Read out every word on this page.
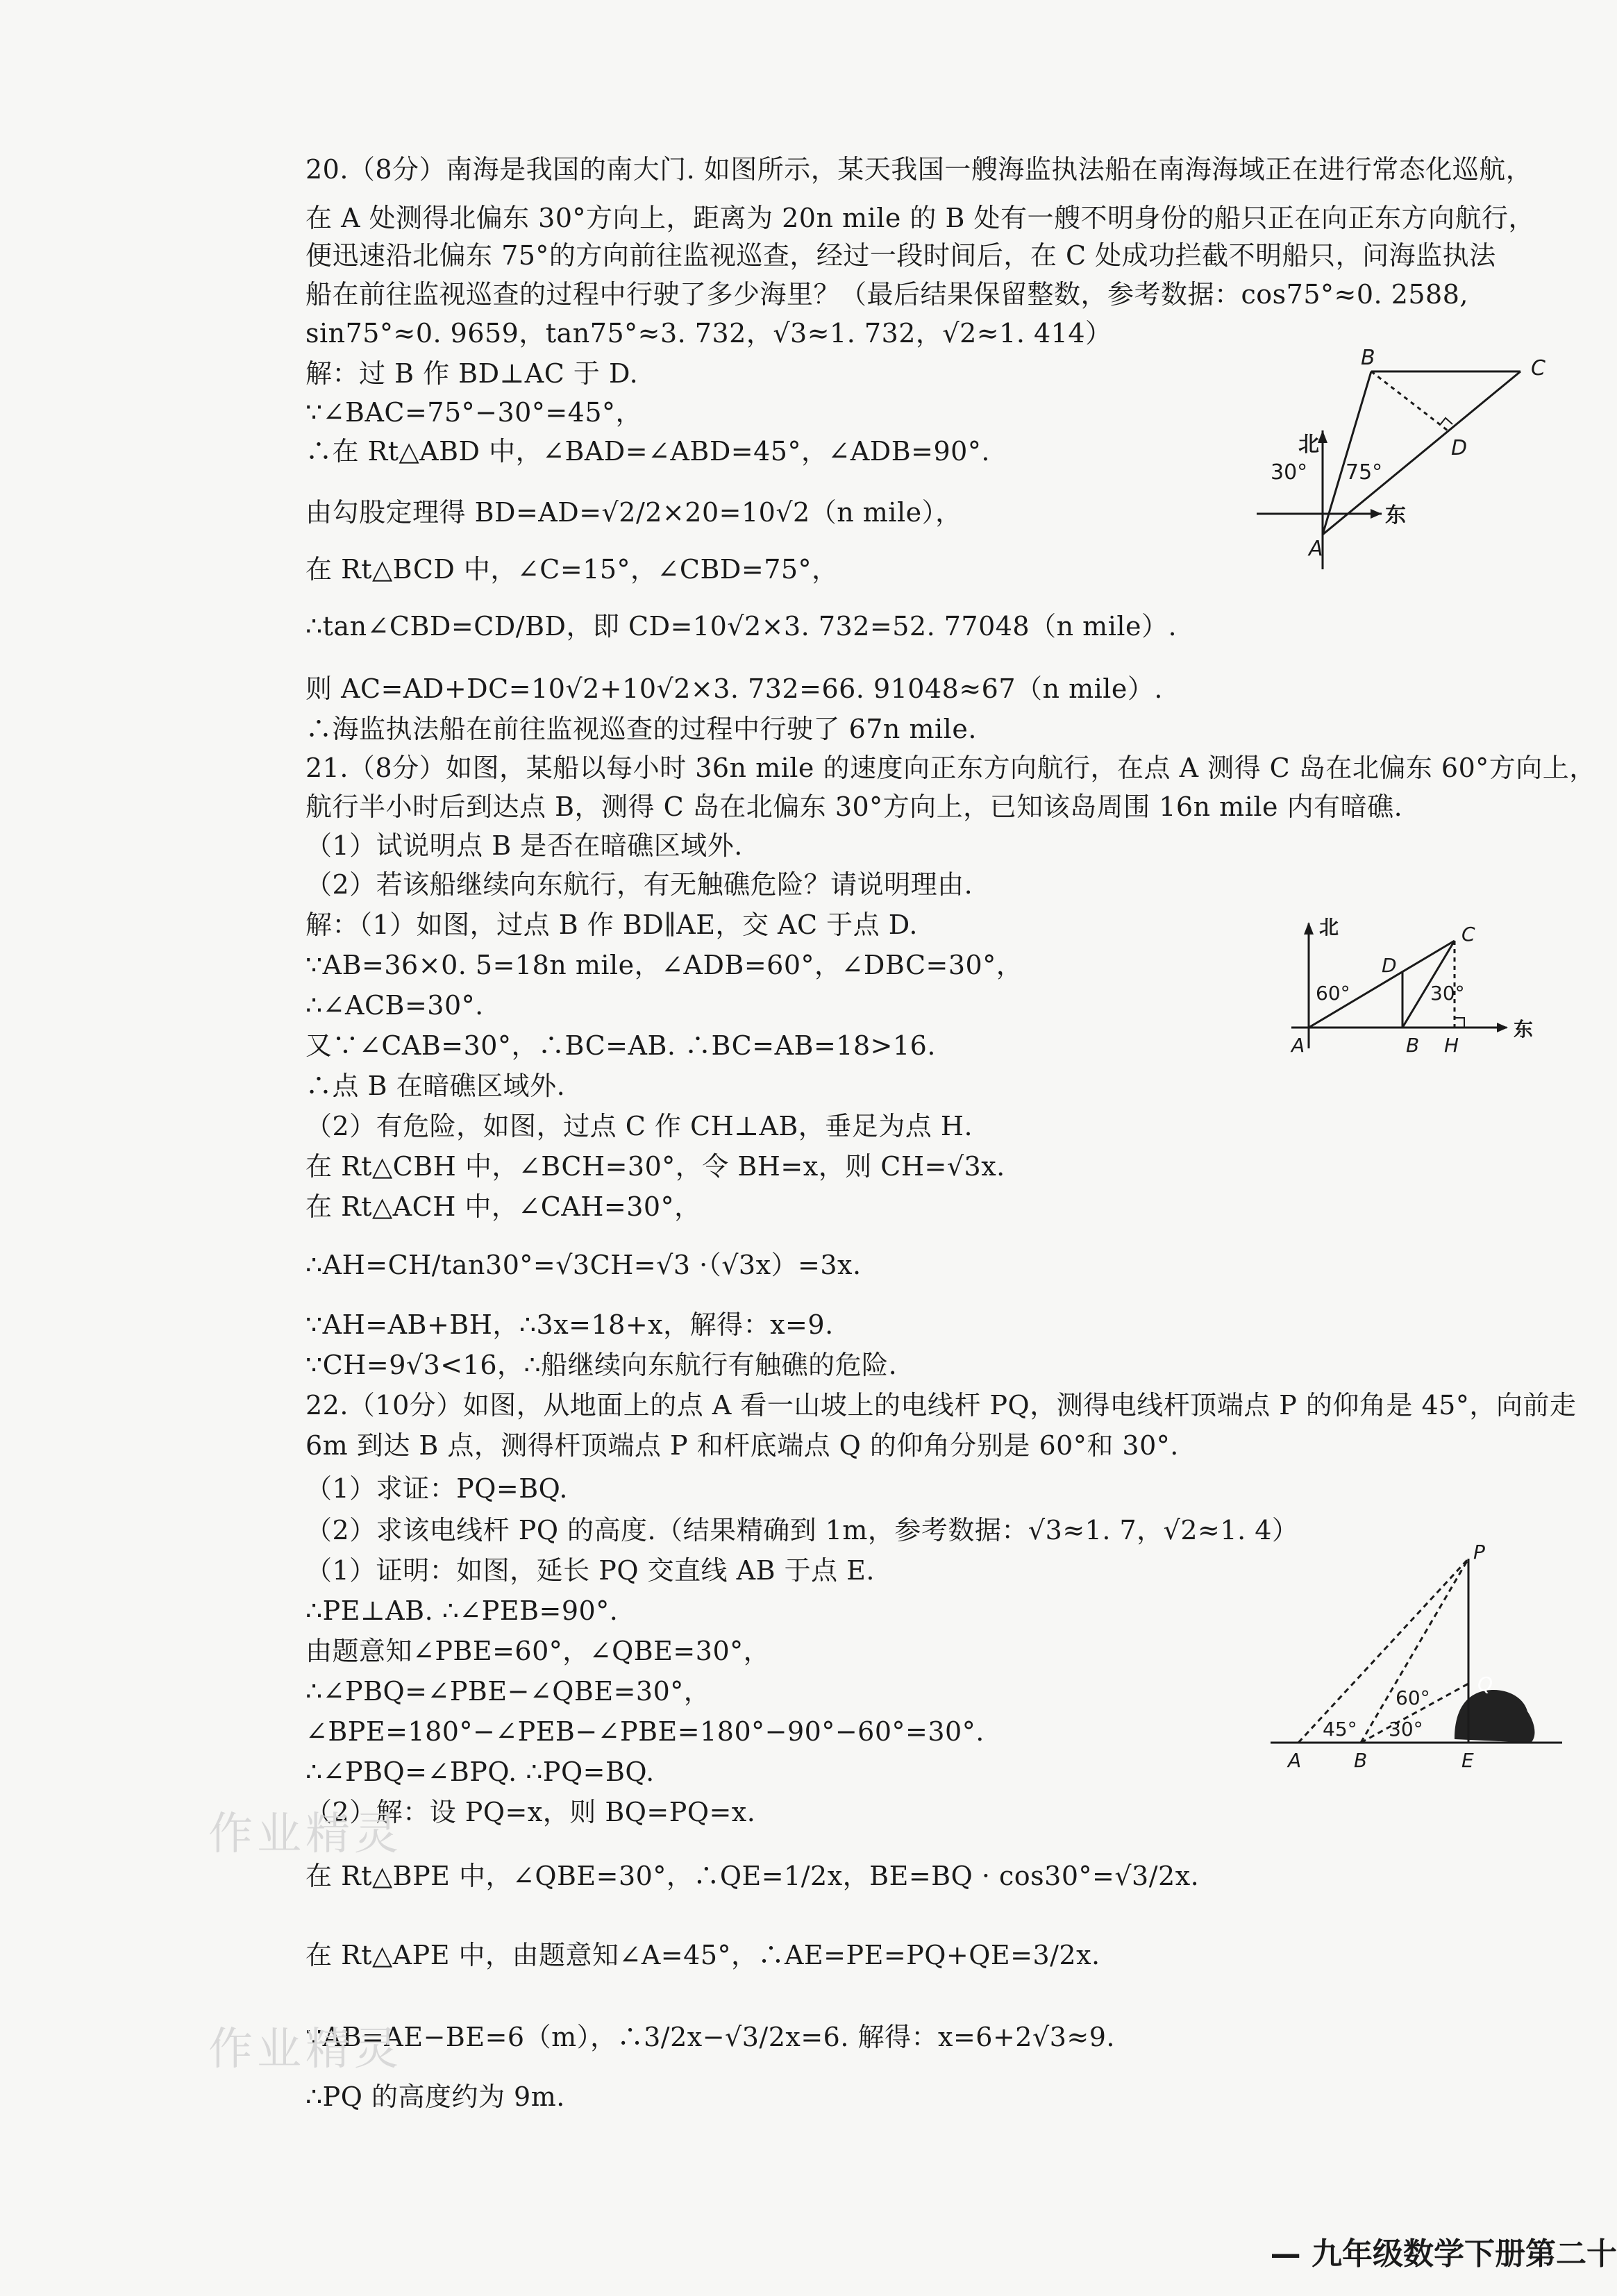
20.（8分）南海是我国的南大门. 如图所示，某天我国一艘海监执法船在南海海域正在进行常态化巡航，
在 A 处测得北偏东 30°方向上，距离为 20n mile 的 B 处有一艘不明身份的船只正在向正东方向航行，
便迅速沿北偏东 75°的方向前往监视巡查，经过一段时间后，在 C 处成功拦截不明船只，问海监执法
船在前往监视巡查的过程中行驶了多少海里？（最后结果保留整数，参考数据：cos75°≈0. 2588,
sin75°≈0. 9659，tan75°≈3. 732，√3≈1. 732，√2≈1. 414）
解：过 B 作 BD⊥AC 于 D.
∵∠BAC=75°−30°=45°，
∴在 Rt△ABD 中，∠BAD=∠ABD=45°，∠ADB=90°.
由勾股定理得 BD=AD=√2/2×20=10√2（n mile），
在 Rt△BCD 中，∠C=15°，∠CBD=75°，
∴tan∠CBD=CD/BD，即 CD=10√2×3. 732=52. 77048（n mile）.
则 AC=AD+DC=10√2+10√2×3. 732=66. 91048≈67（n mile）.
∴海监执法船在前往监视巡查的过程中行驶了 67n mile.
B	C
北
30° 75°
D
A
东
21.（8分）如图，某船以每小时 36n mile 的速度向正东方向航行，在点 A 测得 C 岛在北偏东 60°方向上，
航行半小时后到达点 B，测得 C 岛在北偏东 30°方向上，已知该岛周围 16n mile 内有暗礁.
（1）试说明点 B 是否在暗礁区域外.
（2）若该船继续向东航行，有无触礁危险？请说明理由.
解：（1）如图，过点 B 作 BD∥AE，交 AC 于点 D.
∵AB=36×0. 5=18n mile，∠ADB=60°，∠DBC=30°，
∴∠ACB=30°.
又∵∠CAB=30°，∴BC=AB. ∴BC=AB=18>16.
∴点 B 在暗礁区域外.
（2）有危险，如图，过点 C 作 CH⊥AB，垂足为点 H.
在 Rt△CBH 中，∠BCH=30°，令 BH=x，则 CH=√3x.
在 Rt△ACH 中，∠CAH=30°，
∴AH=CH/tan30°=√3CH=√3 ·（√3x）=3x.
∵AH=AB+BH，∴3x=18+x，解得：x=9.
∵CH=9√3<16，∴船继续向东航行有触礁的危险.
北	C
D
60°	30°
A	B H
东
22.（10分）如图，从地面上的点 A 看一山坡上的电线杆 PQ，测得电线杆顶端点 P 的仰角是 45°，向前走
6m 到达 B 点，测得杆顶端点 P 和杆底端点 Q 的仰角分别是 60°和 30°.
（1）求证：PQ=BQ.
（2）求该电线杆 PQ 的高度.（结果精确到 1m，参考数据：√3≈1. 7，√2≈1. 4）
（1）证明：如图，延长 PQ 交直线 AB 于点 E.
∴PE⊥AB. ∴∠PEB=90°.
由题意知∠PBE=60°，∠QBE=30°，
∴∠PBQ=∠PBE−∠QBE=30°，
∠BPE=180°−∠PEB−∠PBE=180°−90°−60°=30°.
∴∠PBQ=∠BPQ. ∴PQ=BQ.
（2）解：设 PQ=x，则 BQ=PQ=x.
在 Rt△BPE 中，∠QBE=30°，∴QE=1/2x，BE=BQ · cos30°=√3/2x.
在 Rt△APE 中，由题意知∠A=45°，∴AE=PE=PQ+QE=3/2x.
∵AB=AE−BE=6（m），∴3/2x−√3/2x=6. 解得：x=6+2√3≈9.
∴PQ 的高度约为 9m.
P
60°
Q
45° 30°
A	B	E
作业精灵
作业精灵
— 九年级数学下册第二十
